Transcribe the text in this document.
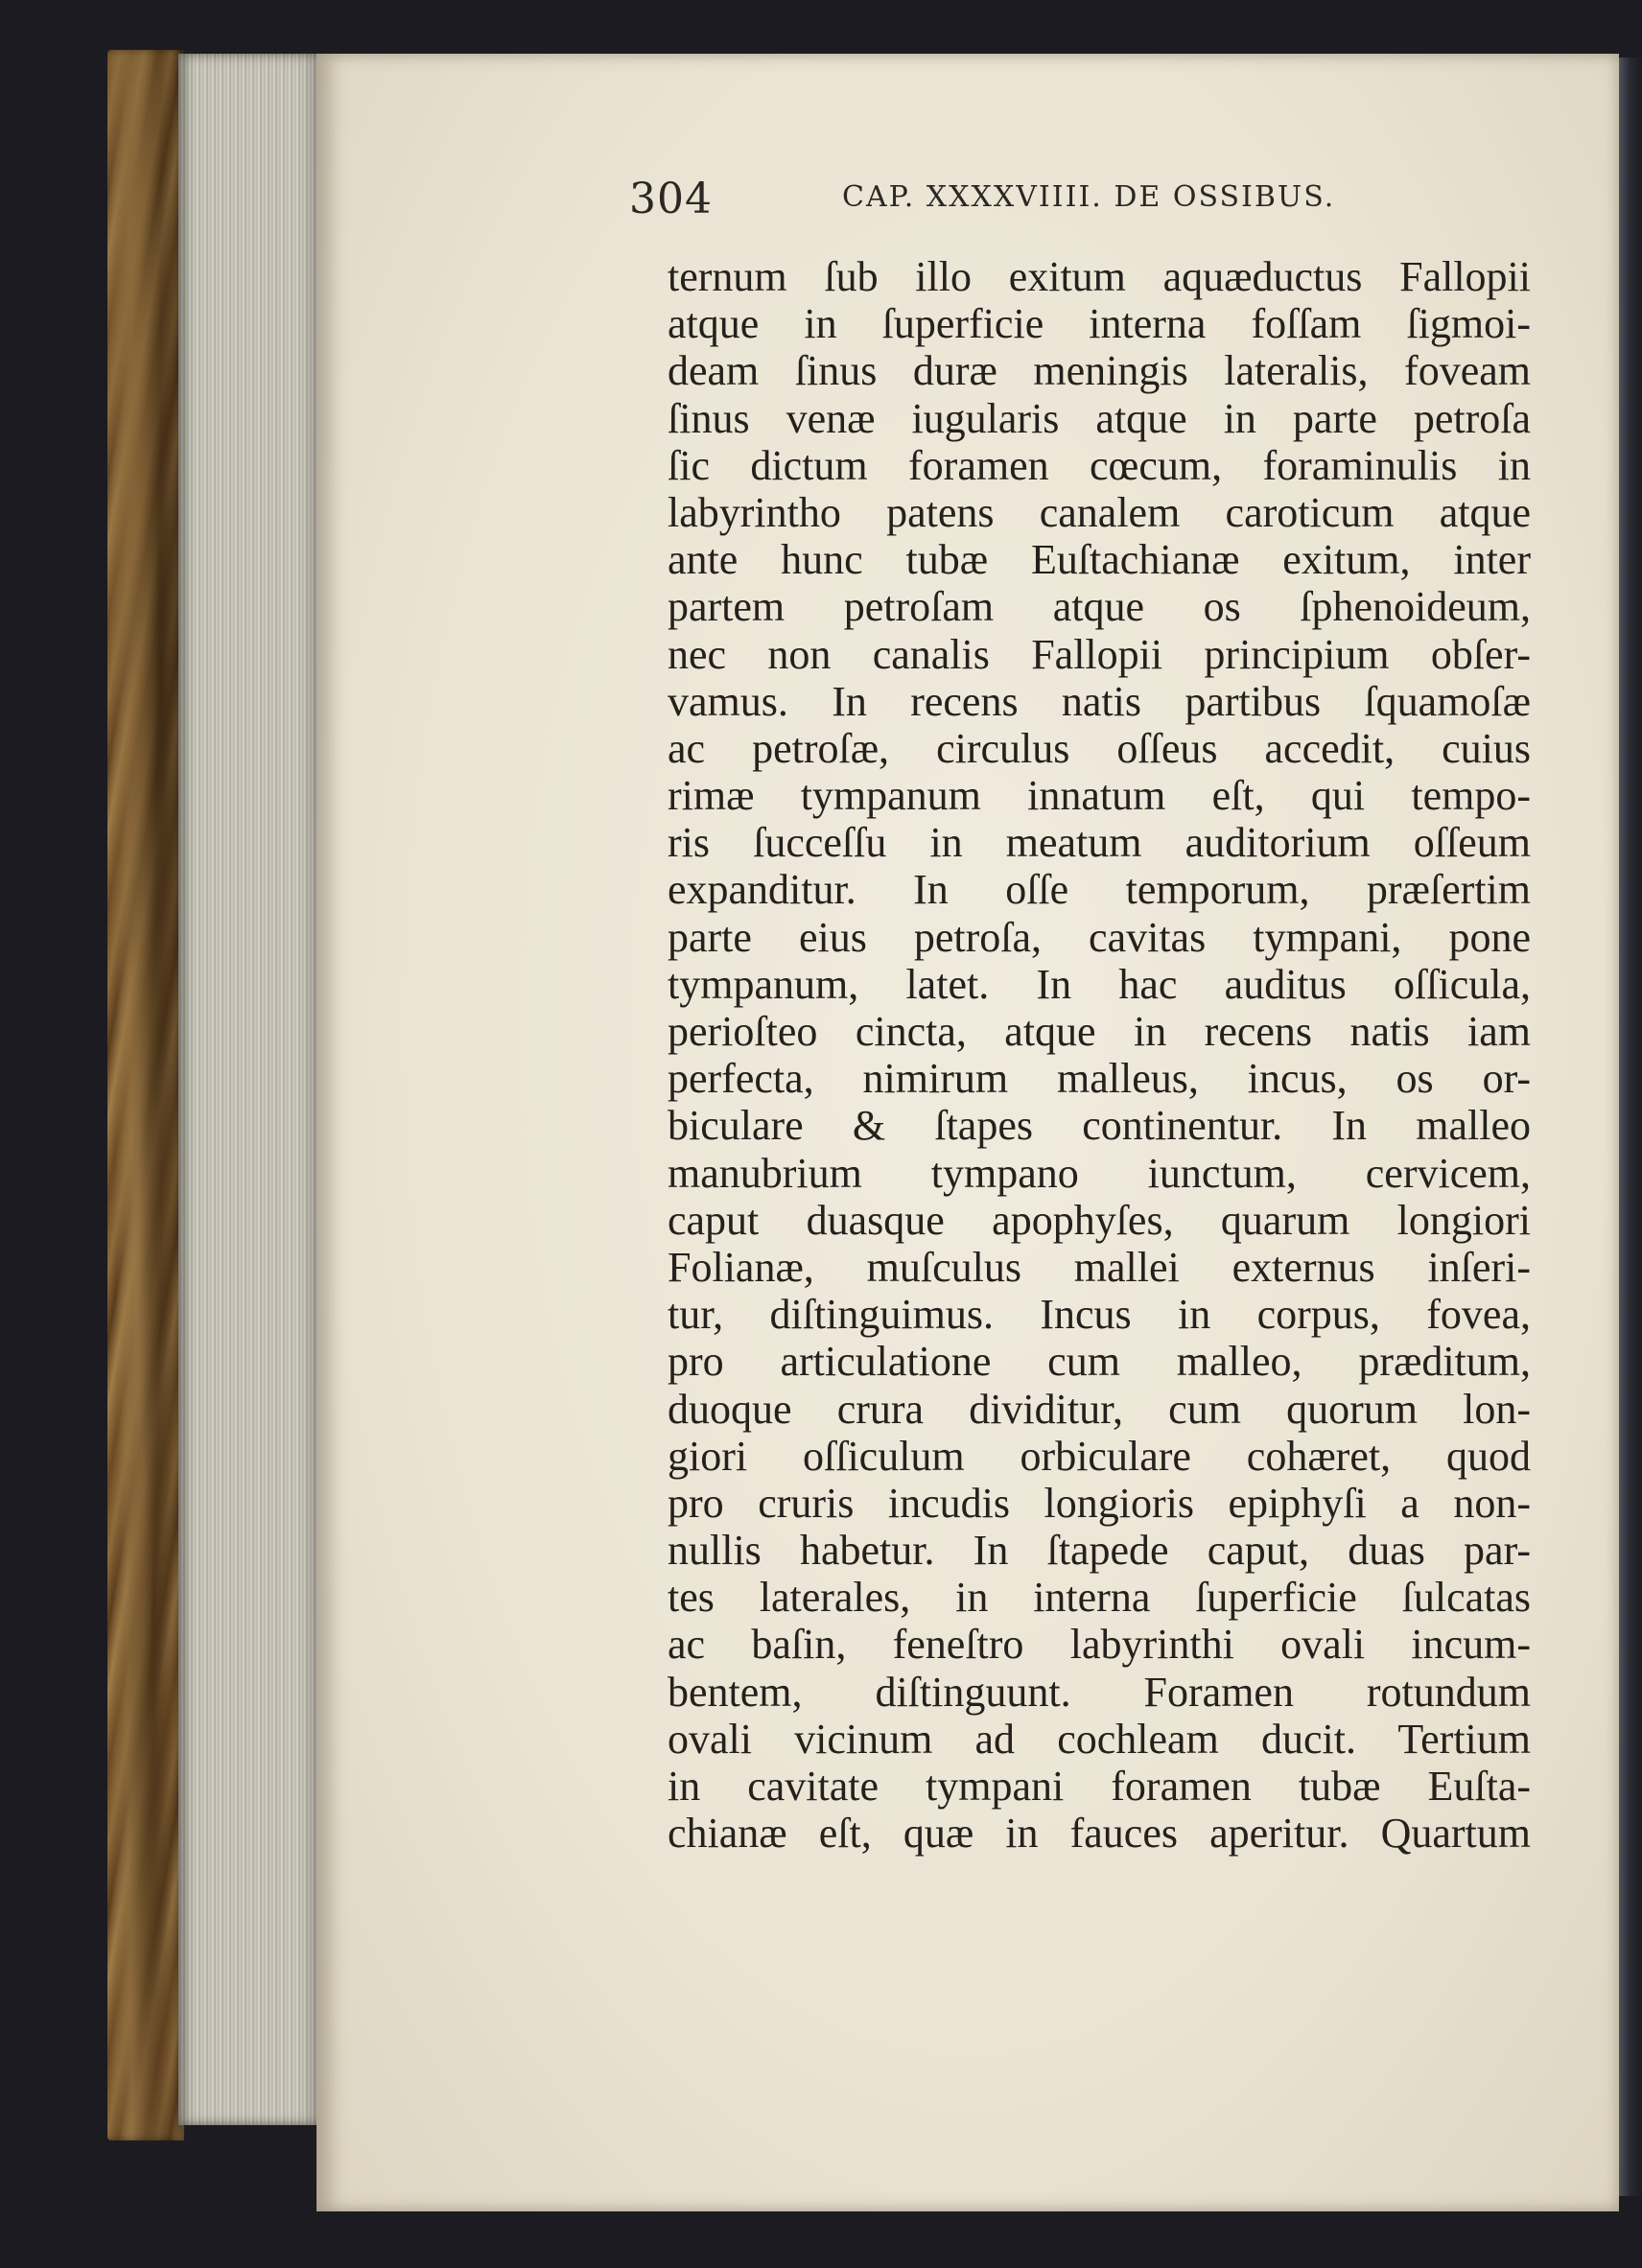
304	CAP. XXXXVIIII. DE OSSIBUS.
ternum ſub illo exitum aquæductus Fallopii
atque in ſuperficie interna foſſam ſigmoi-
deam ſinus duræ meningis lateralis, foveam
ſinus venæ iugularis atque in parte petroſa
ſic dictum foramen cœcum, foraminulis in
labyrintho patens canalem caroticum atque
ante hunc tubæ Euſtachianæ exitum, inter
partem petroſam atque os ſphenoideum,
nec non canalis Fallopii principium obſer-
vamus. In recens natis partibus ſquamoſæ
ac petroſæ, circulus oſſeus accedit, cuius
rimæ tympanum innatum eſt, qui tempo-
ris ſucceſſu in meatum auditorium oſſeum
expanditur. In oſſe temporum, præſertim
parte eius petroſa, cavitas tympani, pone
tympanum, latet. In hac auditus oſſicula,
perioſteo cincta, atque in recens natis iam
perfecta, nimirum malleus, incus, os or-
biculare & ſtapes continentur. In malleo
manubrium tympano iunctum, cervicem,
caput duasque apophyſes, quarum longiori
Folianæ, muſculus mallei externus inſeri-
tur, diſtinguimus. Incus in corpus, fovea,
pro articulatione cum malleo, præditum,
duoque crura dividitur, cum quorum lon-
giori oſſiculum orbiculare cohæret, quod
pro cruris incudis longioris epiphyſi a non-
nullis habetur. In ſtapede caput, duas par-
tes laterales, in interna ſuperficie ſulcatas
ac baſin, feneſtro labyrinthi ovali incum-
bentem, diſtinguunt. Foramen rotundum
ovali vicinum ad cochleam ducit. Tertium
in cavitate tympani foramen tubæ Euſta-
chianæ eſt, quæ in fauces aperitur. Quartum
